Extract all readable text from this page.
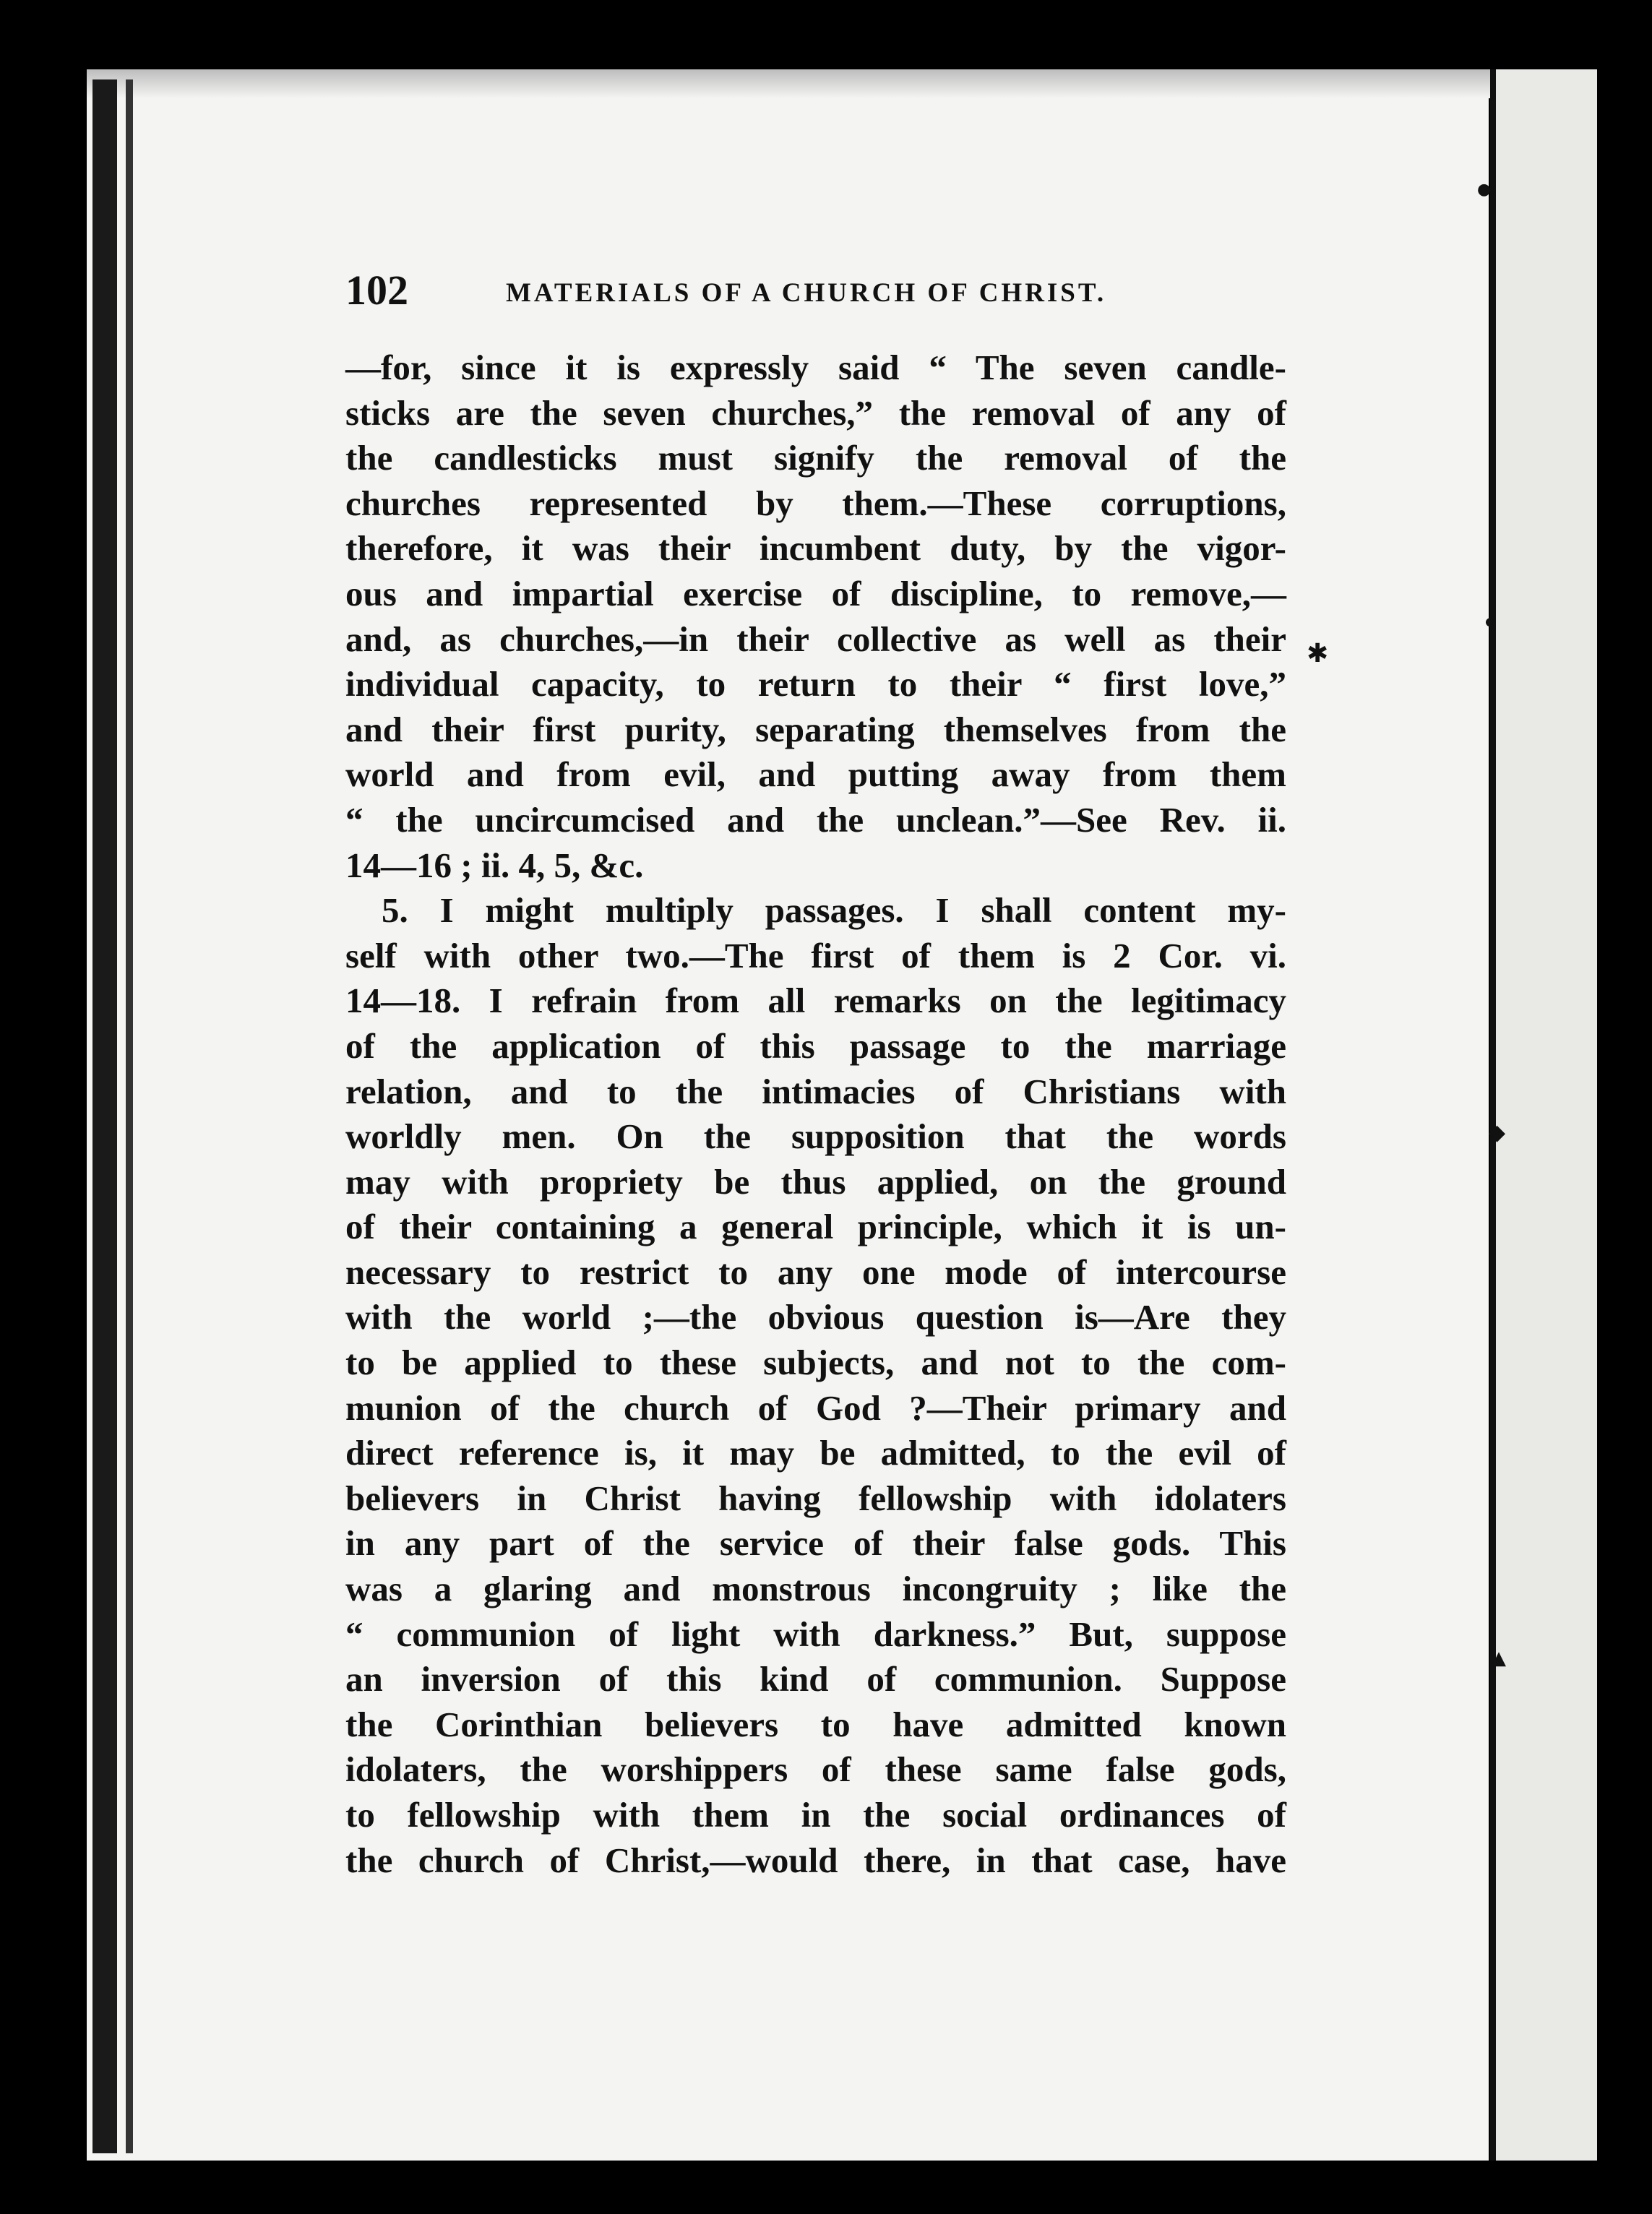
●
•
✱
◆
▲
102	MATERIALS OF A CHURCH OF CHRIST.
—for, since it is expressly said “ The seven candle-
sticks are the seven churches,” the removal of any of
the candlesticks must signify the removal of the
churches represented by them.—These corruptions,
therefore, it was their incumbent duty, by the vigor-
ous and impartial exercise of discipline, to remove,—
and, as churches,—in their collective as well as their
individual capacity, to return to their “ first love,”
and their first purity, separating themselves from the
world and from evil, and putting away from them
“ the uncircumcised and the unclean.”—See Rev. ii.
14—16 ; ii. 4, 5, &c.
5. I might multiply passages. I shall content my-
self with other two.—The first of them is 2 Cor. vi.
14—18. I refrain from all remarks on the legitimacy
of the application of this passage to the marriage
relation, and to the intimacies of Christians with
worldly men. On the supposition that the words
may with propriety be thus applied, on the ground
of their containing a general principle, which it is un-
necessary to restrict to any one mode of intercourse
with the world ;—the obvious question is—Are they
to be applied to these subjects, and not to the com-
munion of the church of God ?—Their primary and
direct reference is, it may be admitted, to the evil of
believers in Christ having fellowship with idolaters
in any part of the service of their false gods. This
was a glaring and monstrous incongruity ; like the
“ communion of light with darkness.” But, suppose
an inversion of this kind of communion. Suppose
the Corinthian believers to have admitted known
idolaters, the worshippers of these same false gods,
to fellowship with them in the social ordinances of
the church of Christ,—would there, in that case, have
